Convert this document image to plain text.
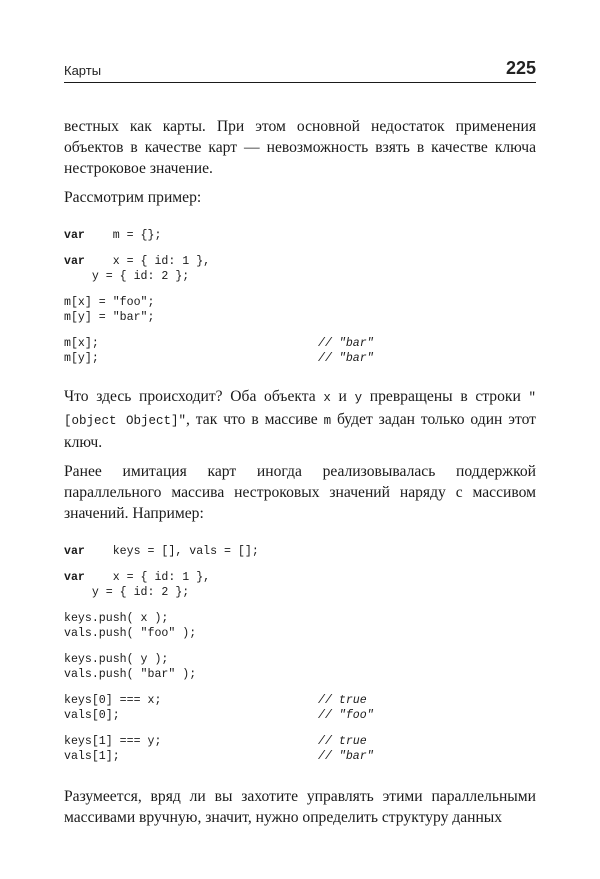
Карты	225

вестных как карты. При этом основной недостаток применения объектов в качестве карт — невозможность взять в качестве ключа нестроковое значение.

Рассмотрим пример:

var    m = {};
var    x = { id: 1 },
y = { id: 2 };
m[x] = "foo";
m[y] = "bar";
m[x];	// "bar"
m[y];	// "bar"

Что здесь происходит? Оба объекта x и y превращены в строки "[object Object]", так что в массиве m будет задан только один этот ключ.

Ранее имитация карт иногда реализовывалась поддержкой параллельного массива нестроковых значений наряду с массивом значений. Например:

var    keys = [], vals = [];
var    x = { id: 1 },
y = { id: 2 };
keys.push( x );
vals.push( "foo" );
keys.push( y );
vals.push( "bar" );
keys[0] === x;	// true
vals[0];	// "foo"
keys[1] === y;	// true
vals[1];	// "bar"

Разумеется, вряд ли вы захотите управлять этими параллельными массивами вручную, значит, нужно определить структуру данных
